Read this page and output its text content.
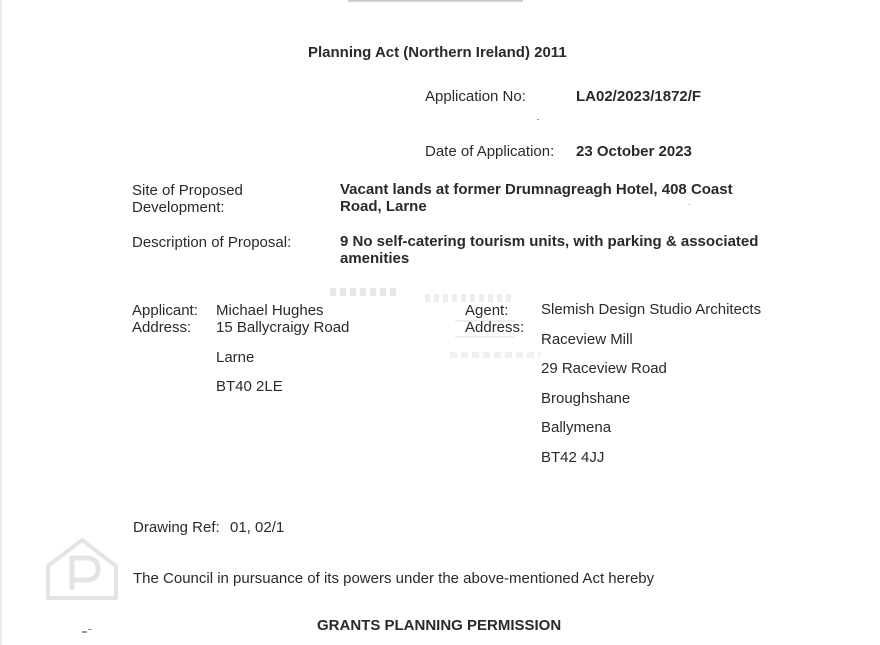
Planning Act (Northern Ireland) 2011
Application No:	LA02/2023/1872/F
Date of Application: 23 October 2023
Site of Proposed
Development:
Vacant lands at former Drumnagreagh Hotel, 408 Coast Road, Larne
Description of Proposal:	9 No self-catering tourism units, with parking & associated amenities
Applicant: Michael Hughes
Address: 15 Ballycraigy Road
Larne
BT40 2LE
Agent: Slemish Design Studio Architects
Address:
Raceview Mill
29 Raceview Road
Broughshane
Ballymena
BT42 4JJ
Drawing Ref: 01, 02/1
The Council in pursuance of its powers under the above-mentioned Act hereby
GRANTS PLANNING PERMISSION
